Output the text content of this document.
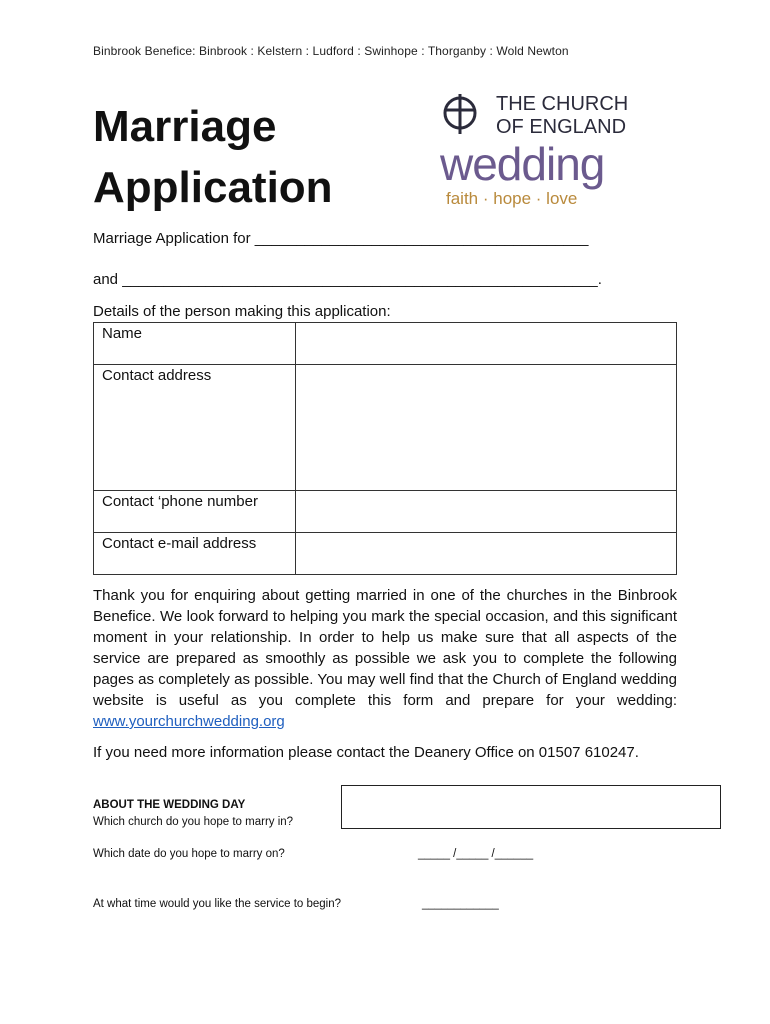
Binbrook Benefice: Binbrook : Kelstern : Ludford : Swinhope : Thorganby : Wold Newton
Marriage
Application
THE CHURCH
OF ENGLAND
wedding
faith · hope · love
Marriage Application for ________________________________________
and _________________________________________________________.
Details of the person making this application:
Name	
Contact address	
Contact ‘phone number	
Contact e-mail address	
Thank you for enquiring about getting married in one of the churches in the Binbrook Benefice. We look forward to helping you mark the special occasion, and this significant moment in your relationship. In order to help us make sure that all aspects of the service are prepared as smoothly as possible we ask you to complete the following pages as completely as possible. You may well find that the Church of England wedding website is useful as you complete this form and prepare for your wedding: www.yourchurchwedding.org
If you need more information please contact the Deanery Office on 01507 610247.
ABOUT THE WEDDING DAY
Which church do you hope to marry in?
Which date do you hope to marry on?	_____ /_____ /______
At what time would you like the service to begin?	____________
